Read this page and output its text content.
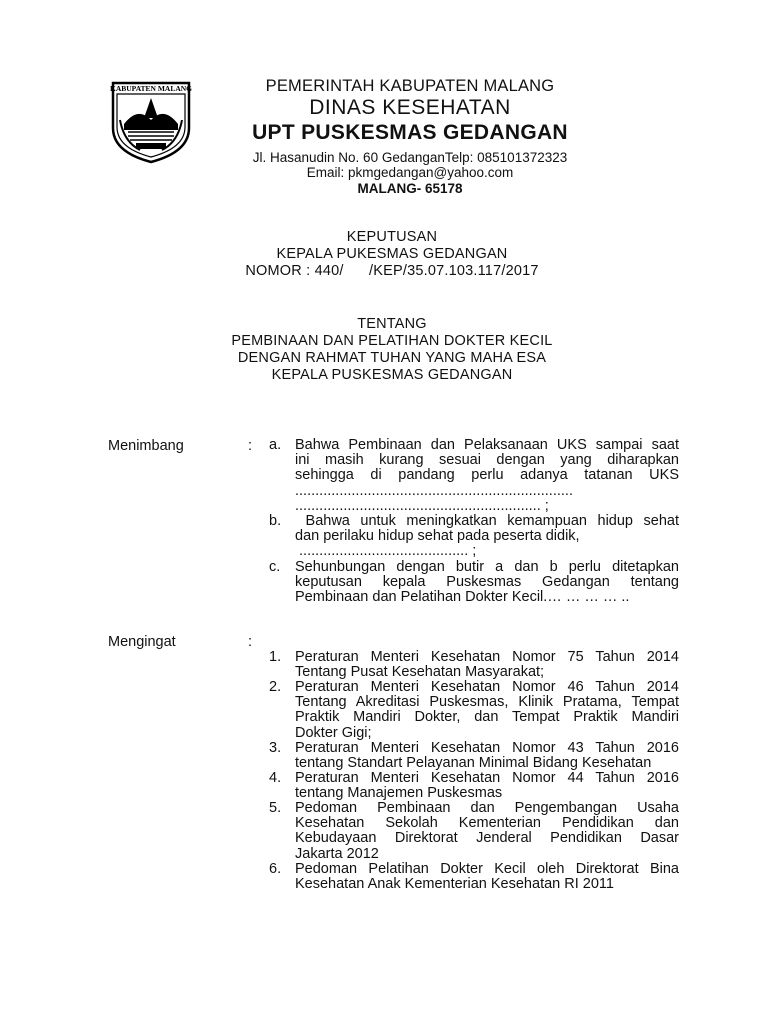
KABUPATEN MALANG	PEMERINTAH KABUPATEN MALANG
DINAS KESEHATAN
UPT PUSKESMAS GEDANGAN
Jl. Hasanudin No. 60 GedanganTelp: 085101372323
Email: pkmgedangan@yahoo.com
MALANG- 65178
KEPUTUSAN
KEPALA PUKESMAS GEDANGAN
NOMOR : 440/      /KEP/35.07.103.117/2017
TENTANG
PEMBINAAN DAN PELATIHAN DOKTER KECIL
DENGAN RAHMAT TUHAN YANG MAHA ESA
KEPALA PUSKESMAS GEDANGAN
Menimbang	: a. Bahwa Pembinaan dan Pelaksanaan UKS sampai saat
ini masih kurang sesuai dengan yang diharapkan
sehingga di pandang perlu adanya tatanan UKS
.....................................................................
............................................................. ;
b. Bahwa untuk meningkatkan kemampuan hidup sehat
dan perilaku hidup sehat pada peserta didik,
.......................................... ;
c. Sehunbungan dengan butir a dan b perlu ditetapkan
keputusan kepala Puskesmas Gedangan tentang
Pembinaan dan Pelatihan Dokter Kecil.… … … … ..
Mengingat	:
1. Peraturan Menteri Kesehatan Nomor 75 Tahun 2014
Tentang Pusat Kesehatan Masyarakat;
2. Peraturan Menteri Kesehatan Nomor 46 Tahun 2014
Tentang Akreditasi Puskesmas, Klinik Pratama, Tempat
Praktik Mandiri Dokter, dan Tempat Praktik Mandiri
Dokter Gigi;
3. Peraturan Menteri Kesehatan Nomor 43 Tahun 2016
tentang Standart Pelayanan Minimal Bidang Kesehatan
4. Peraturan Menteri Kesehatan Nomor 44 Tahun 2016
tentang Manajemen Puskesmas
5. Pedoman Pembinaan dan Pengembangan Usaha
Kesehatan Sekolah Kementerian Pendidikan dan
Kebudayaan Direktorat Jenderal Pendidikan Dasar
Jakarta 2012
6. Pedoman Pelatihan Dokter Kecil oleh Direktorat Bina
Kesehatan Anak Kementerian Kesehatan RI 2011
